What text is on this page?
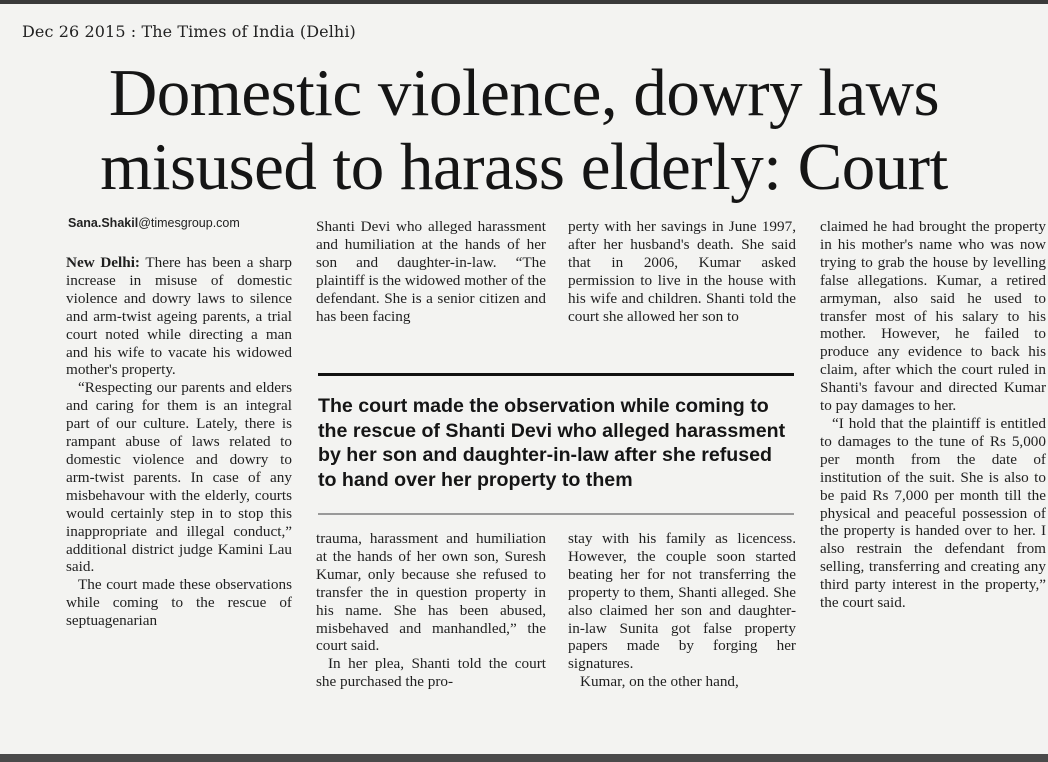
Dec 26 2015 : The Times of India (Delhi)
Domestic violence, dowry laws
misused to harass elderly: Court
Sana.Shakil@timesgroup.com

New Delhi: There has been a sharp increase in misuse of domestic violence and dowry laws to silence and arm-twist ageing parents, a trial court noted while directing a man and his wife to vacate his widowed mother's property.

“Respecting our parents and elders and caring for them is an integral part of our culture. Lately, there is rampant abuse of laws related to domestic violence and dowry to arm-twist parents. In case of any misbehavour with the elderly, courts would certainly step in to stop this inappropriate and illegal conduct,” additional district judge Kamini Lau said.

The court made these observations while coming to the rescue of septuagenarian

Shanti Devi who alleged harassment and humiliation at the hands of her son and daughter-in-law. “The plaintiff is the widowed mother of the defendant. She is a senior citizen and has been facing

perty with her savings in June 1997, after her husband's death. She said that in 2006, Kumar asked permission to live in the house with his wife and children. Shanti told the court she allowed her son to

The court made the observation while coming to the rescue of Shanti Devi who alleged harassment by her son and daughter-in-law after she refused to hand over her property to them

trauma, harassment and humiliation at the hands of her own son, Suresh Kumar, only because she refused to transfer the in question property in his name. She has been abused, misbehaved and manhandled,” the court said.

In her plea, Shanti told the court she purchased the pro-

stay with his family as licencess. However, the couple soon started beating her for not transferring the property to them, Shanti alleged. She also claimed her son and daughter-in-law Sunita got false property papers made by forging her signatures.

Kumar, on the other hand,

claimed he had brought the property in his mother's name who was now trying to grab the house by levelling false allegations. Kumar, a retired armyman, also said he used to transfer most of his salary to his mother. However, he failed to produce any evidence to back his claim, after which the court ruled in Shanti's favour and directed Kumar to pay damages to her.

“I hold that the plaintiff is entitled to damages to the tune of Rs 5,000 per month from the date of institution of the suit. She is also to be paid Rs 7,000 per month till the physical and peaceful possession of the property is handed over to her. I also restrain the defendant from selling, transferring and creating any third party interest in the property,” the court said.
